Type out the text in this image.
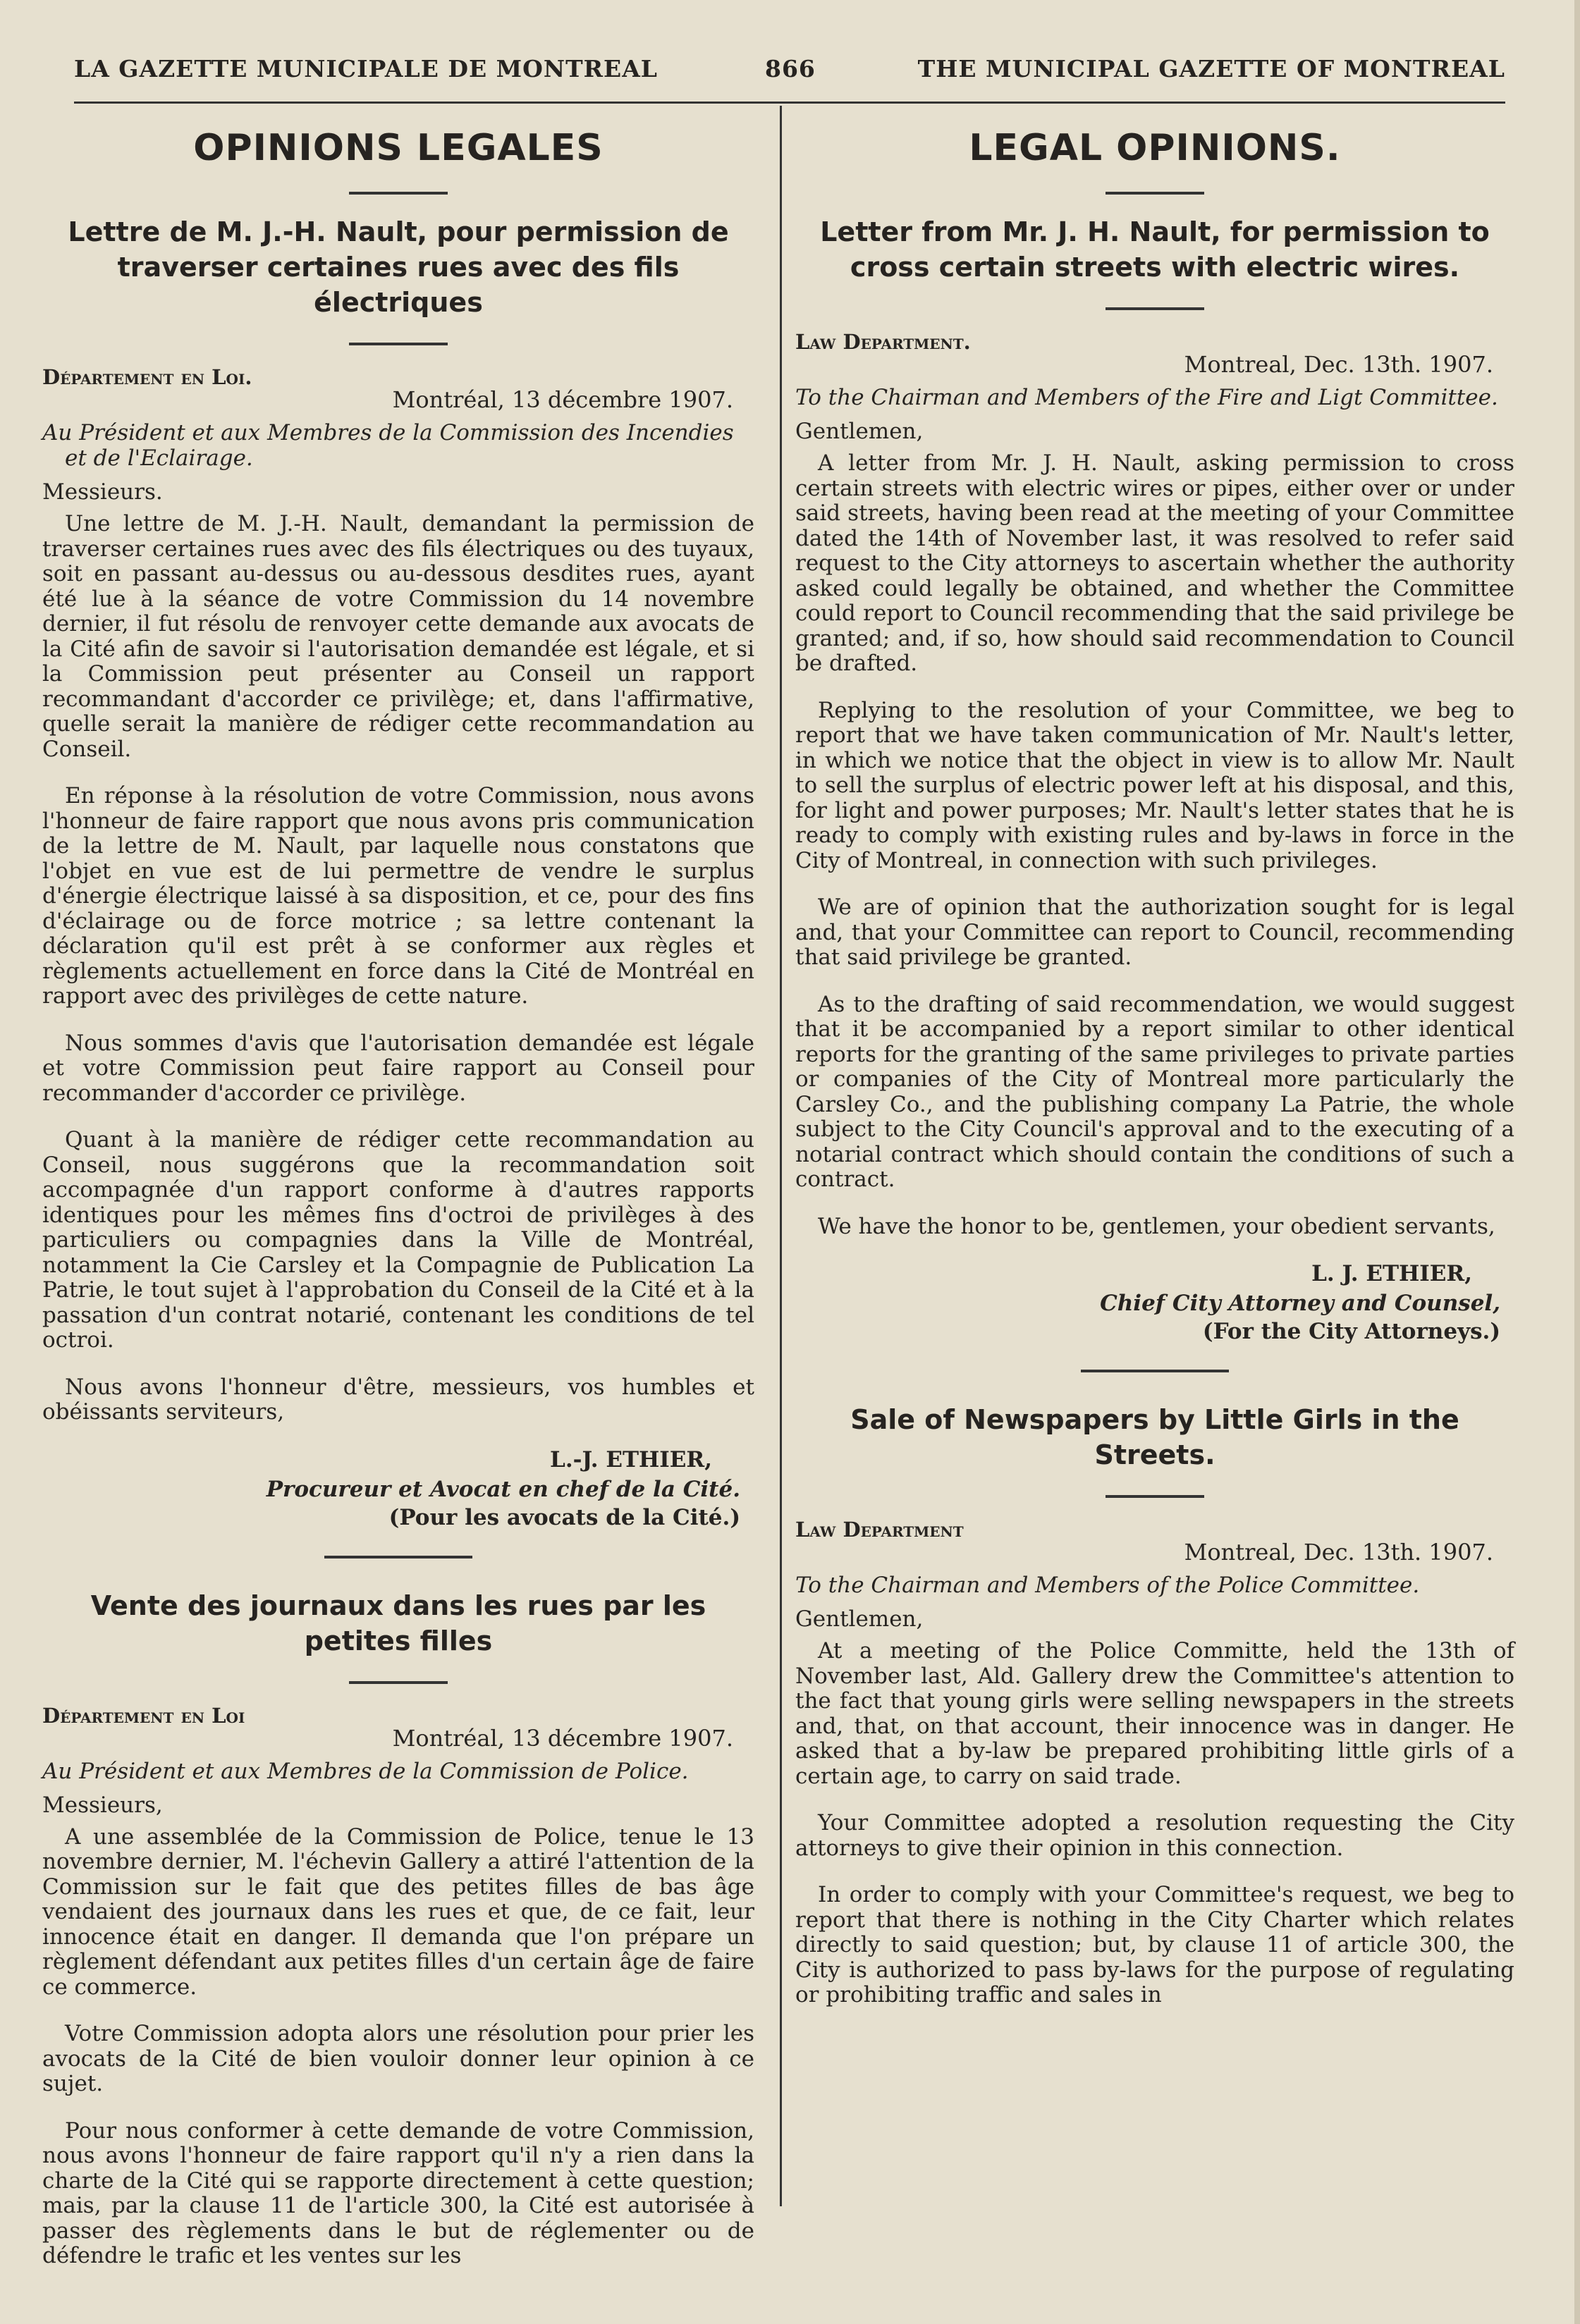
LA GAZETTE MUNICIPALE DE MONTREAL	866	THE MUNICIPAL GAZETTE OF MONTREAL
OPINIONS LEGALES
Lettre de M. J.-H. Nault, pour permission de traverser certaines rues avec des fils électriques
Département en Loi.
Montréal, 13 décembre 1907.
Au Président et aux Membres de la Commission des Incendies et de l'Eclairage.
Messieurs.

Une lettre de M. J.-H. Nault, demandant la permission de traverser certaines rues avec des fils électriques ou des tuyaux, soit en passant au-dessus ou au-dessous desdites rues, ayant été lue à la séance de votre Commission du 14 novembre dernier, il fut résolu de renvoyer cette demande aux avocats de la Cité afin de savoir si l'autorisation demandée est légale, et si la Commission peut présenter au Conseil un rapport recommandant d'accorder ce privilège; et, dans l'affirmative, quelle serait la manière de rédiger cette recommandation au Conseil.

En réponse à la résolution de votre Commission, nous avons l'honneur de faire rapport que nous avons pris communication de la lettre de M. Nault, par laquelle nous constatons que l'objet en vue est de lui permettre de vendre le surplus d'énergie électrique laissé à sa disposition, et ce, pour des fins d'éclairage ou de force motrice ; sa lettre contenant la déclaration qu'il est prêt à se conformer aux règles et règlements actuellement en force dans la Cité de Montréal en rapport avec des privilèges de cette nature.

Nous sommes d'avis que l'autorisation demandée est légale et votre Commission peut faire rapport au Conseil pour recommander d'accorder ce privilège.

Quant à la manière de rédiger cette recommandation au Conseil, nous suggérons que la recommandation soit accompagnée d'un rapport conforme à d'autres rapports identiques pour les mêmes fins d'octroi de privilèges à des particuliers ou compagnies dans la Ville de Montréal, notamment la Cie Carsley et la Compagnie de Publication La Patrie, le tout sujet à l'approbation du Conseil de la Cité et à la passation d'un contrat notarié, contenant les conditions de tel octroi.

Nous avons l'honneur d'être, messieurs, vos humbles et obéissants serviteurs,

L.-J. ETHIER,
Procureur et Avocat en chef de la Cité.
(Pour les avocats de la Cité.)
Vente des journaux dans les rues par les petites filles
Département en Loi
Montréal, 13 décembre 1907.
Au Président et aux Membres de la Commission de Police.
Messieurs,

A une assemblée de la Commission de Police, tenue le 13 novembre dernier, M. l'échevin Gallery a attiré l'attention de la Commission sur le fait que des petites filles de bas âge vendaient des journaux dans les rues et que, de ce fait, leur innocence était en danger. Il demanda que l'on prépare un règlement défendant aux petites filles d'un certain âge de faire ce commerce.

Votre Commission adopta alors une résolution pour prier les avocats de la Cité de bien vouloir donner leur opinion à ce sujet.

Pour nous conformer à cette demande de votre Commission, nous avons l'honneur de faire rapport qu'il n'y a rien dans la charte de la Cité qui se rapporte directement à cette question; mais, par la clause 11 de l'article 300, la Cité est autorisée à passer des règlements dans le but de réglementer ou de défendre le trafic et les ventes sur les

LEGAL OPINIONS.
Letter from Mr. J. H. Nault, for permission to cross certain streets with electric wires.
Law Department.
Montreal, Dec. 13th. 1907.
To the Chairman and Members of the Fire and Ligt Committee.
Gentlemen,

A letter from Mr. J. H. Nault, asking permission to cross certain streets with electric wires or pipes, either over or under said streets, having been read at the meeting of your Committee dated the 14th of November last, it was resolved to refer said request to the City attorneys to ascertain whether the authority asked could legally be obtained, and whether the Committee could report to Council recommending that the said privilege be granted; and, if so, how should said recommendation to Council be drafted.

Replying to the resolution of your Committee, we beg to report that we have taken communication of Mr. Nault's letter, in which we notice that the object in view is to allow Mr. Nault to sell the surplus of electric power left at his disposal, and this, for light and power purposes; Mr. Nault's letter states that he is ready to comply with existing rules and by-laws in force in the City of Montreal, in connection with such privileges.

We are of opinion that the authorization sought for is legal and, that your Committee can report to Council, recommending that said privilege be granted.

As to the drafting of said recommendation, we would suggest that it be accompanied by a report similar to other identical reports for the granting of the same privileges to private parties or companies of the City of Montreal more particularly the Carsley Co., and the publishing company La Patrie, the whole subject to the City Council's approval and to the executing of a notarial contract which should contain the conditions of such a contract.

We have the honor to be, gentlemen, your obedient servants,

L. J. ETHIER,
Chief City Attorney and Counsel,
(For the City Attorneys.)
Sale of Newspapers by Little Girls in the Streets.
Law Department
Montreal, Dec. 13th. 1907.
To the Chairman and Members of the Police Committee.
Gentlemen,

At a meeting of the Police Committe, held the 13th of November last, Ald. Gallery drew the Committee's attention to the fact that young girls were selling newspapers in the streets and, that, on that account, their innocence was in danger. He asked that a by-law be prepared prohibiting little girls of a certain age, to carry on said trade.

Your Committee adopted a resolution requesting the City attorneys to give their opinion in this connection.

In order to comply with your Committee's request, we beg to report that there is nothing in the City Charter which relates directly to said question; but, by clause 11 of article 300, the City is authorized to pass by-laws for the purpose of regulating or prohibiting traffic and sales in
